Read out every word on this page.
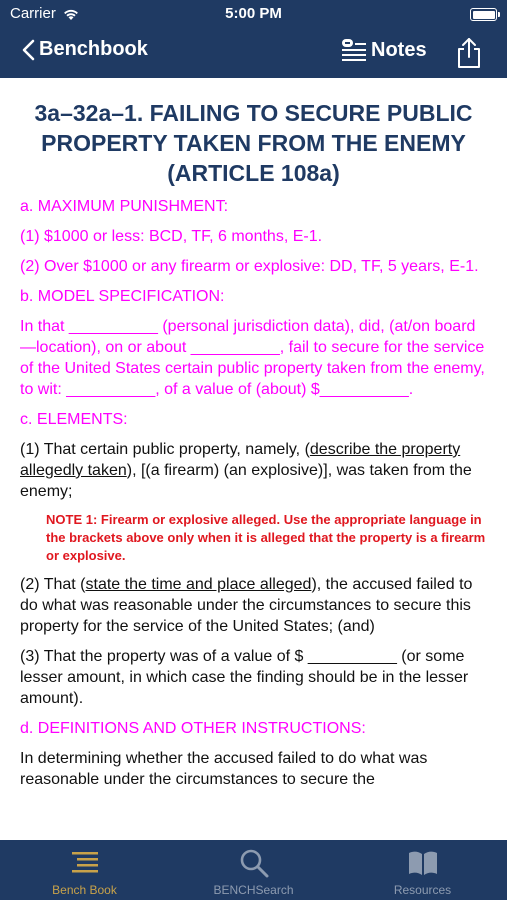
Carrier	5:00 PM
Benchbook	Notes
3a–32a–1. FAILING TO SECURE PUBLIC PROPERTY TAKEN FROM THE ENEMY (ARTICLE 108a)
a. MAXIMUM PUNISHMENT:
(1) $1000 or less: BCD, TF, 6 months, E-1.
(2) Over $1000 or any firearm or explosive: DD, TF, 5 years, E-1.
b. MODEL SPECIFICATION:
In that __________ (personal jurisdiction data), did, (at/on board—location), on or about __________, fail to secure for the service of the United States certain public property taken from the enemy, to wit: __________, of a value of (about) $__________.
c. ELEMENTS:
(1) That certain public property, namely, (describe the property allegedly taken), [(a firearm) (an explosive)], was taken from the enemy;
NOTE 1: Firearm or explosive alleged. Use the appropriate language in the brackets above only when it is alleged that the property is a firearm or explosive.
(2) That (state the time and place alleged), the accused failed to do what was reasonable under the circumstances to secure this property for the service of the United States; (and)
(3) That the property was of a value of $ __________ (or some lesser amount, in which case the finding should be in the lesser amount).
d. DEFINITIONS AND OTHER INSTRUCTIONS:
In determining whether the accused failed to do what was reasonable under the circumstances to secure the
Bench Book	BENCHSearch	Resources
